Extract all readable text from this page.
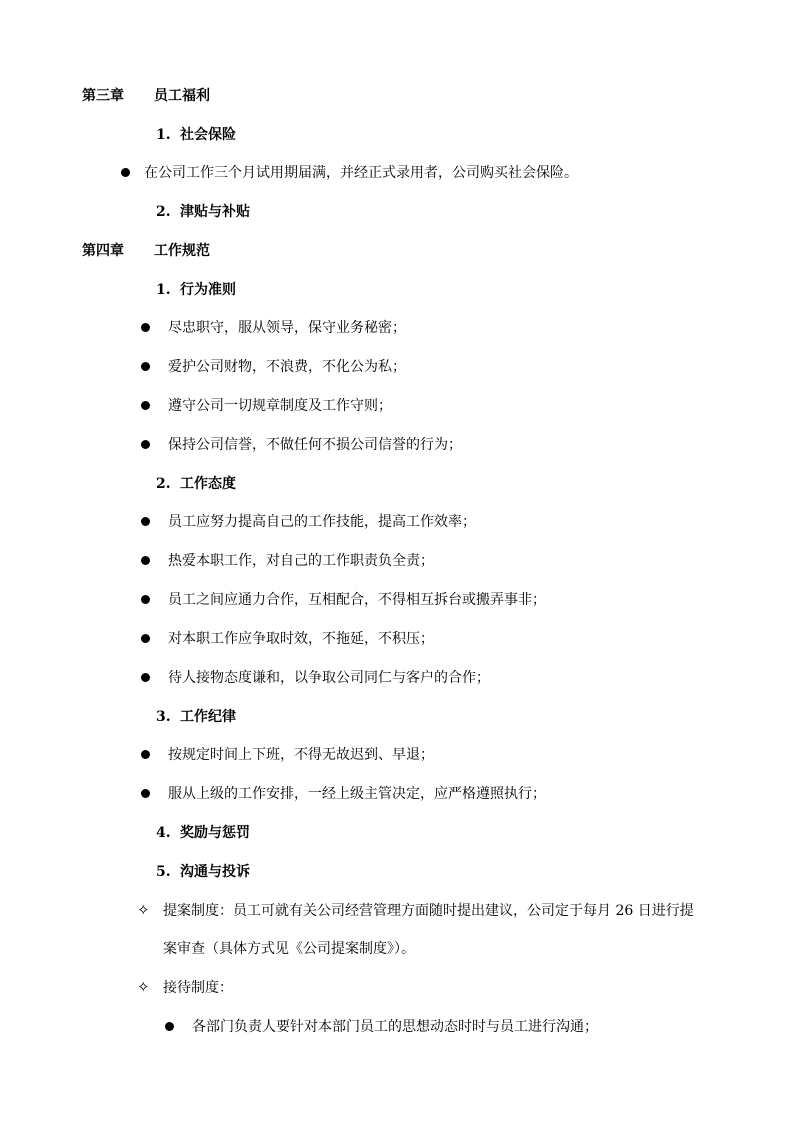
第三章 员工福利
1. 社会保险
在公司工作三个月试用期届满，并经正式录用者，公司购买社会保险。
2. 津贴与补贴
第四章 工作规范
1. 行为准则
尽忠职守，服从领导，保守业务秘密；
爱护公司财物，不浪费，不化公为私；
遵守公司一切规章制度及工作守则；
保持公司信誉，不做任何不损公司信誉的行为；
2. 工作态度
员工应努力提高自己的工作技能，提高工作效率；
热爱本职工作，对自己的工作职责负全责；
员工之间应通力合作，互相配合，不得相互拆台或搬弄事非；
对本职工作应争取时效，不拖延，不积压；
待人接物态度谦和，以争取公司同仁与客户的合作；
3. 工作纪律
按规定时间上下班，不得无故迟到、早退；
服从上级的工作安排，一经上级主管决定，应严格遵照执行；
4. 奖励与惩罚
5. 沟通与投诉
✧ 提案制度：员工可就有关公司经营管理方面随时提出建议，公司定于每月 26 日进行提
案审查（具体方式见《公司提案制度》）。
✧ 接待制度：
各部门负责人要针对本部门员工的思想动态时时与员工进行沟通；
